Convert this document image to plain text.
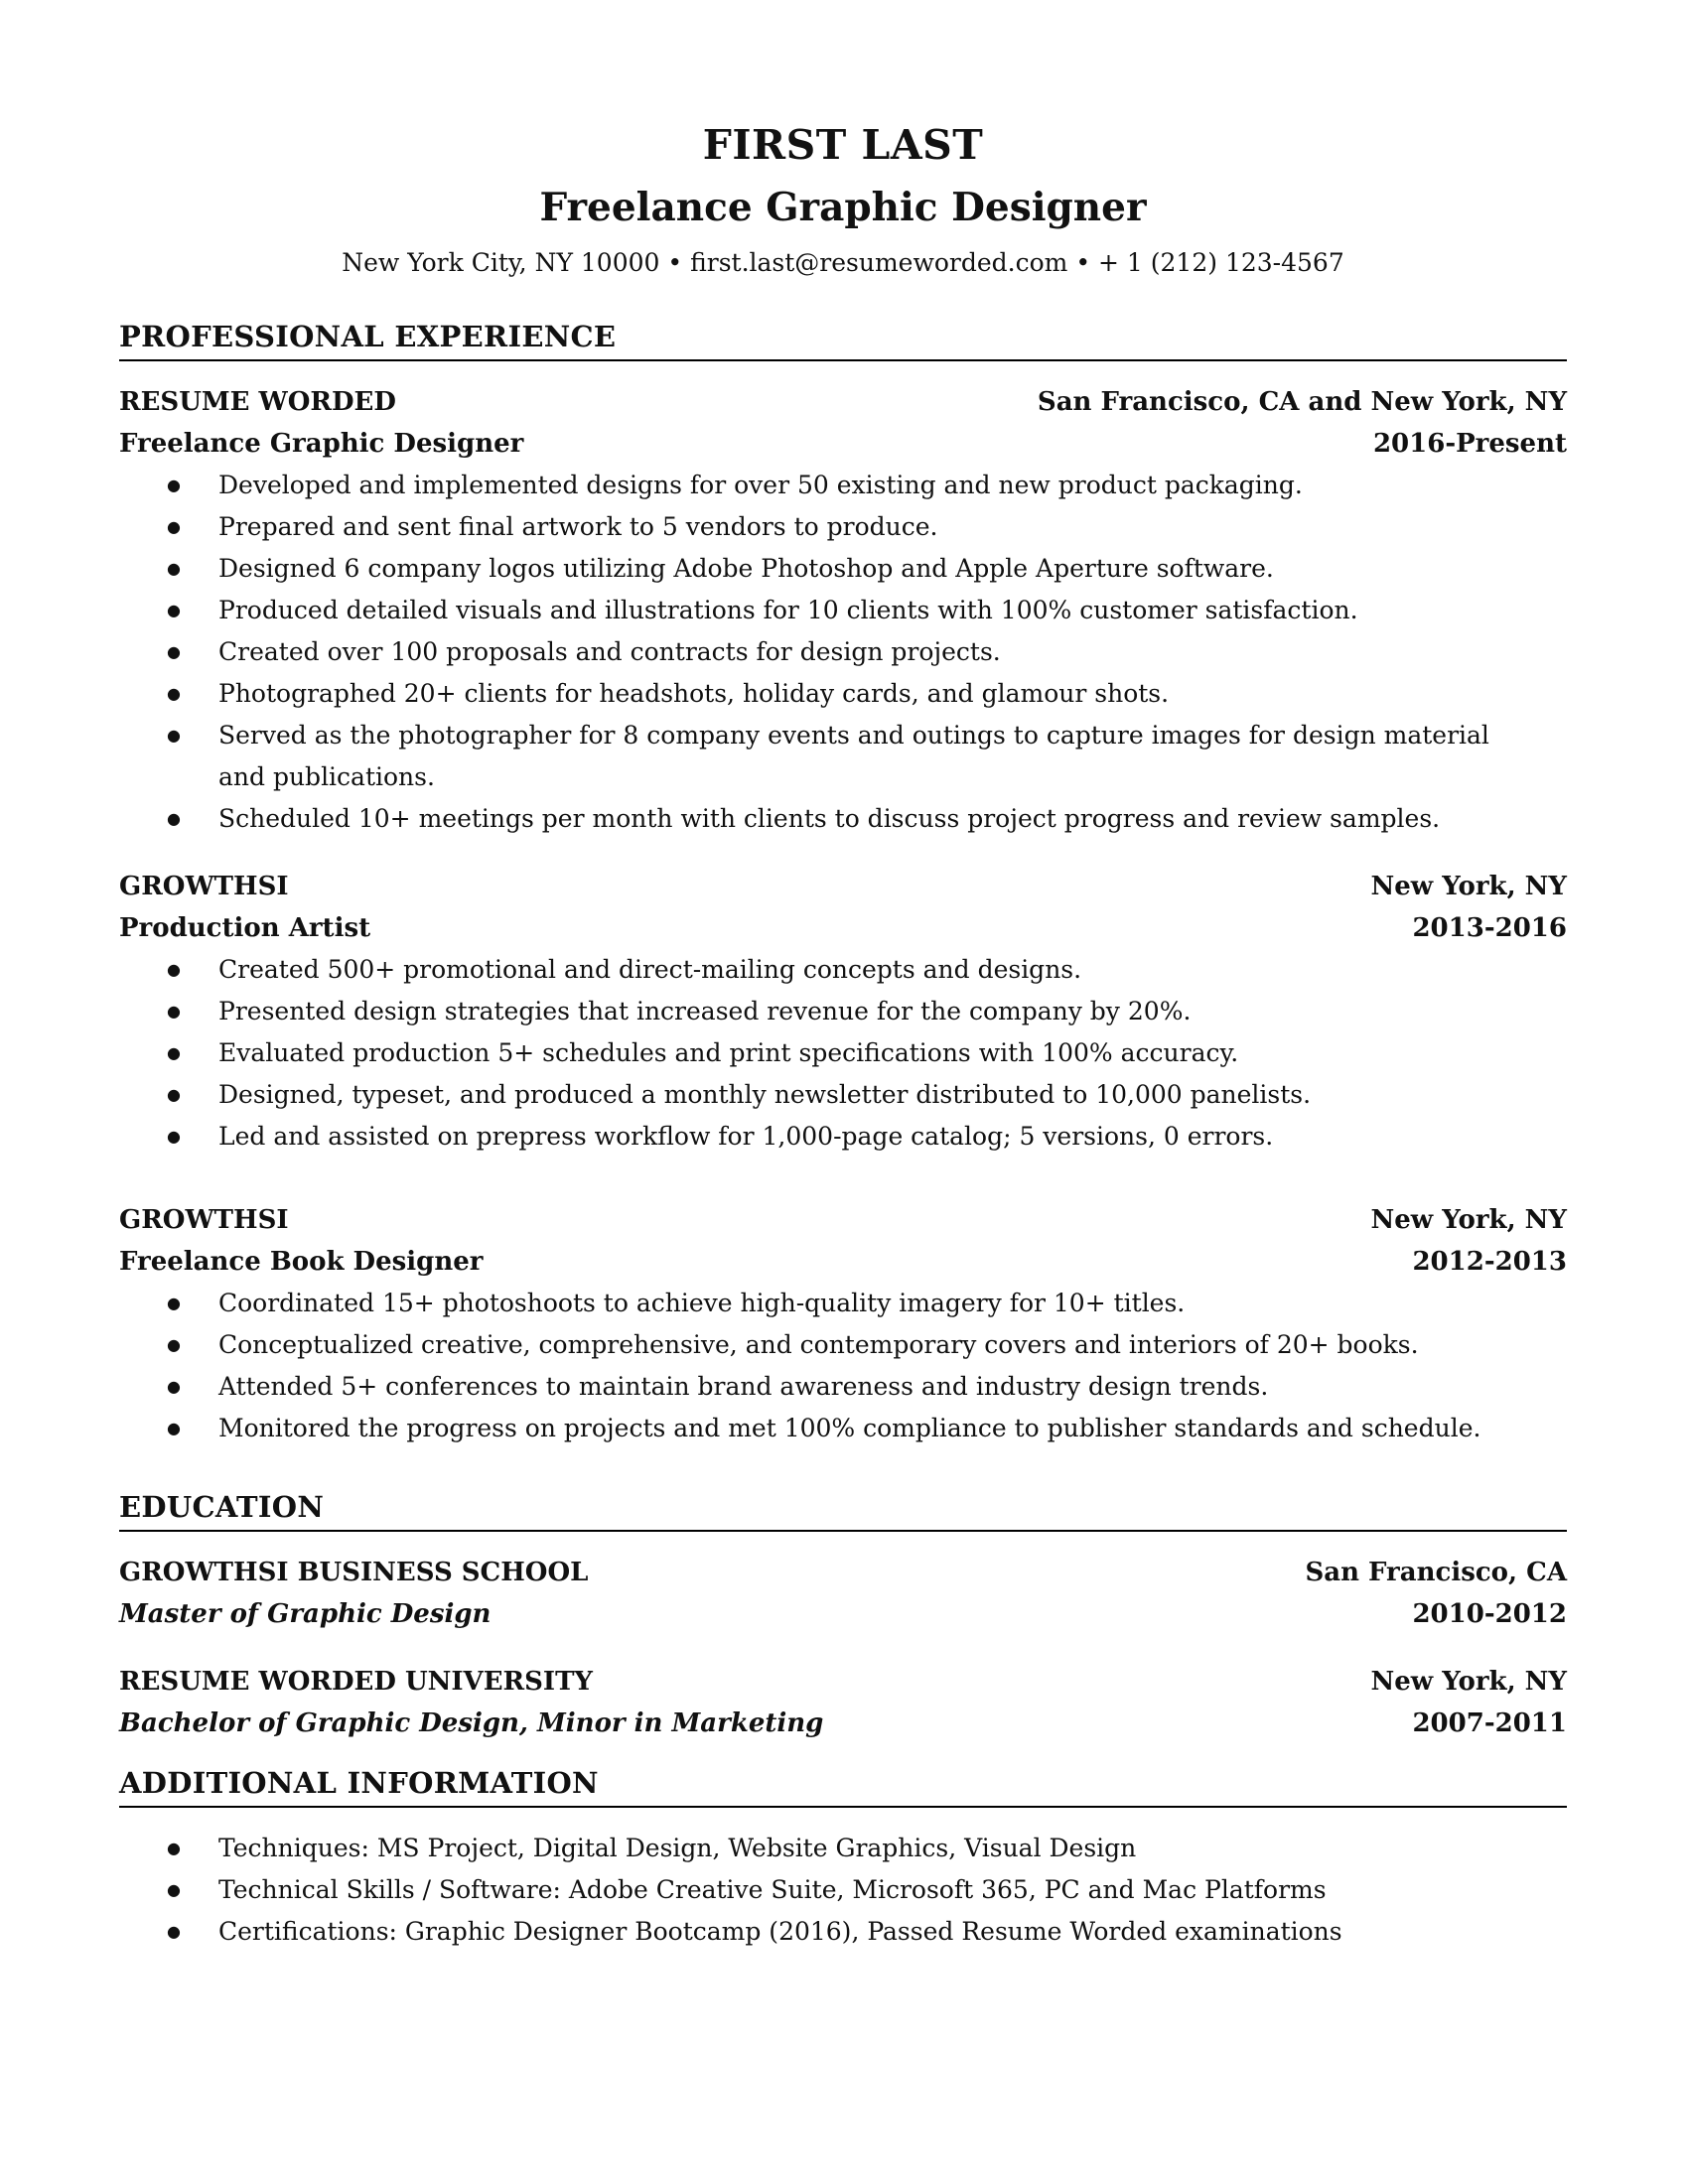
FIRST LAST
Freelance Graphic Designer
New York City, NY 10000 • first.last@resumeworded.com • + 1 (212) 123-4567
PROFESSIONAL EXPERIENCE
RESUME WORDED	San Francisco, CA and New York, NY
Freelance Graphic Designer	2016-Present
● Developed and implemented designs for over 50 existing and new product packaging.
● Prepared and sent final artwork to 5 vendors to produce.
● Designed 6 company logos utilizing Adobe Photoshop and Apple Aperture software.
● Produced detailed visuals and illustrations for 10 clients with 100% customer satisfaction.
● Created over 100 proposals and contracts for design projects.
● Photographed 20+ clients for headshots, holiday cards, and glamour shots.
● Served as the photographer for 8 company events and outings to capture images for design material and publications.
● Scheduled 10+ meetings per month with clients to discuss project progress and review samples.
GROWTHSI	New York, NY
Production Artist	2013-2016
● Created 500+ promotional and direct-mailing concepts and designs.
● Presented design strategies that increased revenue for the company by 20%.
● Evaluated production 5+ schedules and print specifications with 100% accuracy.
● Designed, typeset, and produced a monthly newsletter distributed to 10,000 panelists.
● Led and assisted on prepress workflow for 1,000-page catalog; 5 versions, 0 errors.
GROWTHSI	New York, NY
Freelance Book Designer	2012-2013
● Coordinated 15+ photoshoots to achieve high-quality imagery for 10+ titles.
● Conceptualized creative, comprehensive, and contemporary covers and interiors of 20+ books.
● Attended 5+ conferences to maintain brand awareness and industry design trends.
● Monitored the progress on projects and met 100% compliance to publisher standards and schedule.
EDUCATION
GROWTHSI BUSINESS SCHOOL	San Francisco, CA
Master of Graphic Design	2010-2012
RESUME WORDED UNIVERSITY	New York, NY
Bachelor of Graphic Design, Minor in Marketing	2007-2011
ADDITIONAL INFORMATION
● Techniques: MS Project, Digital Design, Website Graphics, Visual Design
● Technical Skills / Software: Adobe Creative Suite, Microsoft 365, PC and Mac Platforms
● Certifications: Graphic Designer Bootcamp (2016), Passed Resume Worded examinations
